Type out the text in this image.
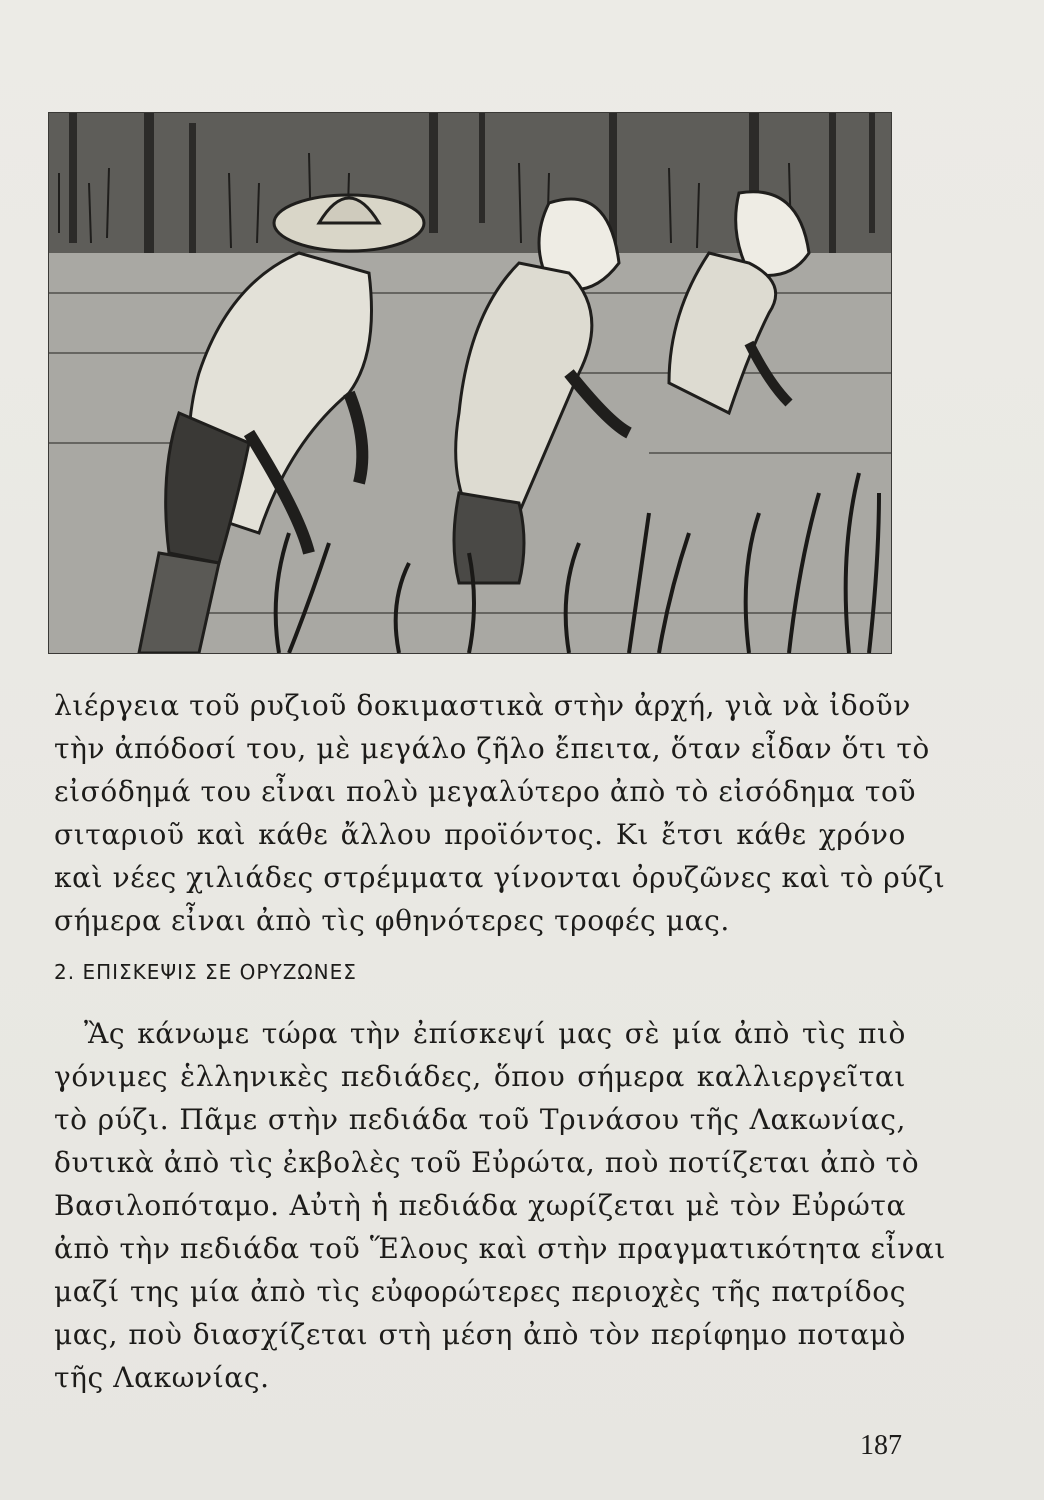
λιέργεια τοῦ ρυζιοῦ δοκιμαστικὰ στὴν ἀρχή, γιὰ νὰ ἰδοῦν
τὴν ἀπόδοσί του, μὲ μεγάλο ζῆλο ἔπειτα, ὅταν εἶδαν ὅτι τὸ
εἰσόδημά του εἶναι πολὺ μεγαλύτερο ἀπὸ τὸ εἰσόδημα τοῦ
σιταριοῦ καὶ κάθε ἄλλου προϊόντος. Κι ἔτσι κάθε χρόνο
καὶ νέες χιλιάδες στρέμματα γίνονται ὀρυζῶνες καὶ τὸ ρύζι
σήμερα εἶναι ἀπὸ τὶς φθηνότερες τροφές μας.
2. ΕΠΙΣΚΕΨΙΣ ΣΕ ΟΡΥΖΩΝΕΣ
Ἂς κάνωμε τώρα τὴν ἐπίσκεψί μας σὲ μία ἀπὸ τὶς πιὸ
γόνιμες ἑλληνικὲς πεδιάδες, ὅπου σήμερα καλλιεργεῖται
τὸ ρύζι. Πᾶμε στὴν πεδιάδα τοῦ Τρινάσου τῆς Λακωνίας,
δυτικὰ ἀπὸ τὶς ἐκβολὲς τοῦ Εὐρώτα, ποὺ ποτίζεται ἀπὸ τὸ
Βασιλοπόταμο. Αὐτὴ ἡ πεδιάδα χωρίζεται μὲ τὸν Εὐρώτα
ἀπὸ τὴν πεδιάδα τοῦ Ἕλους καὶ στὴν πραγματικότητα εἶναι
μαζί της μία ἀπὸ τὶς εὐφορώτερες περιοχὲς τῆς πατρίδος
μας, ποὺ διασχίζεται στὴ μέση ἀπὸ τὸν περίφημο ποταμὸ
τῆς Λακωνίας.
187
